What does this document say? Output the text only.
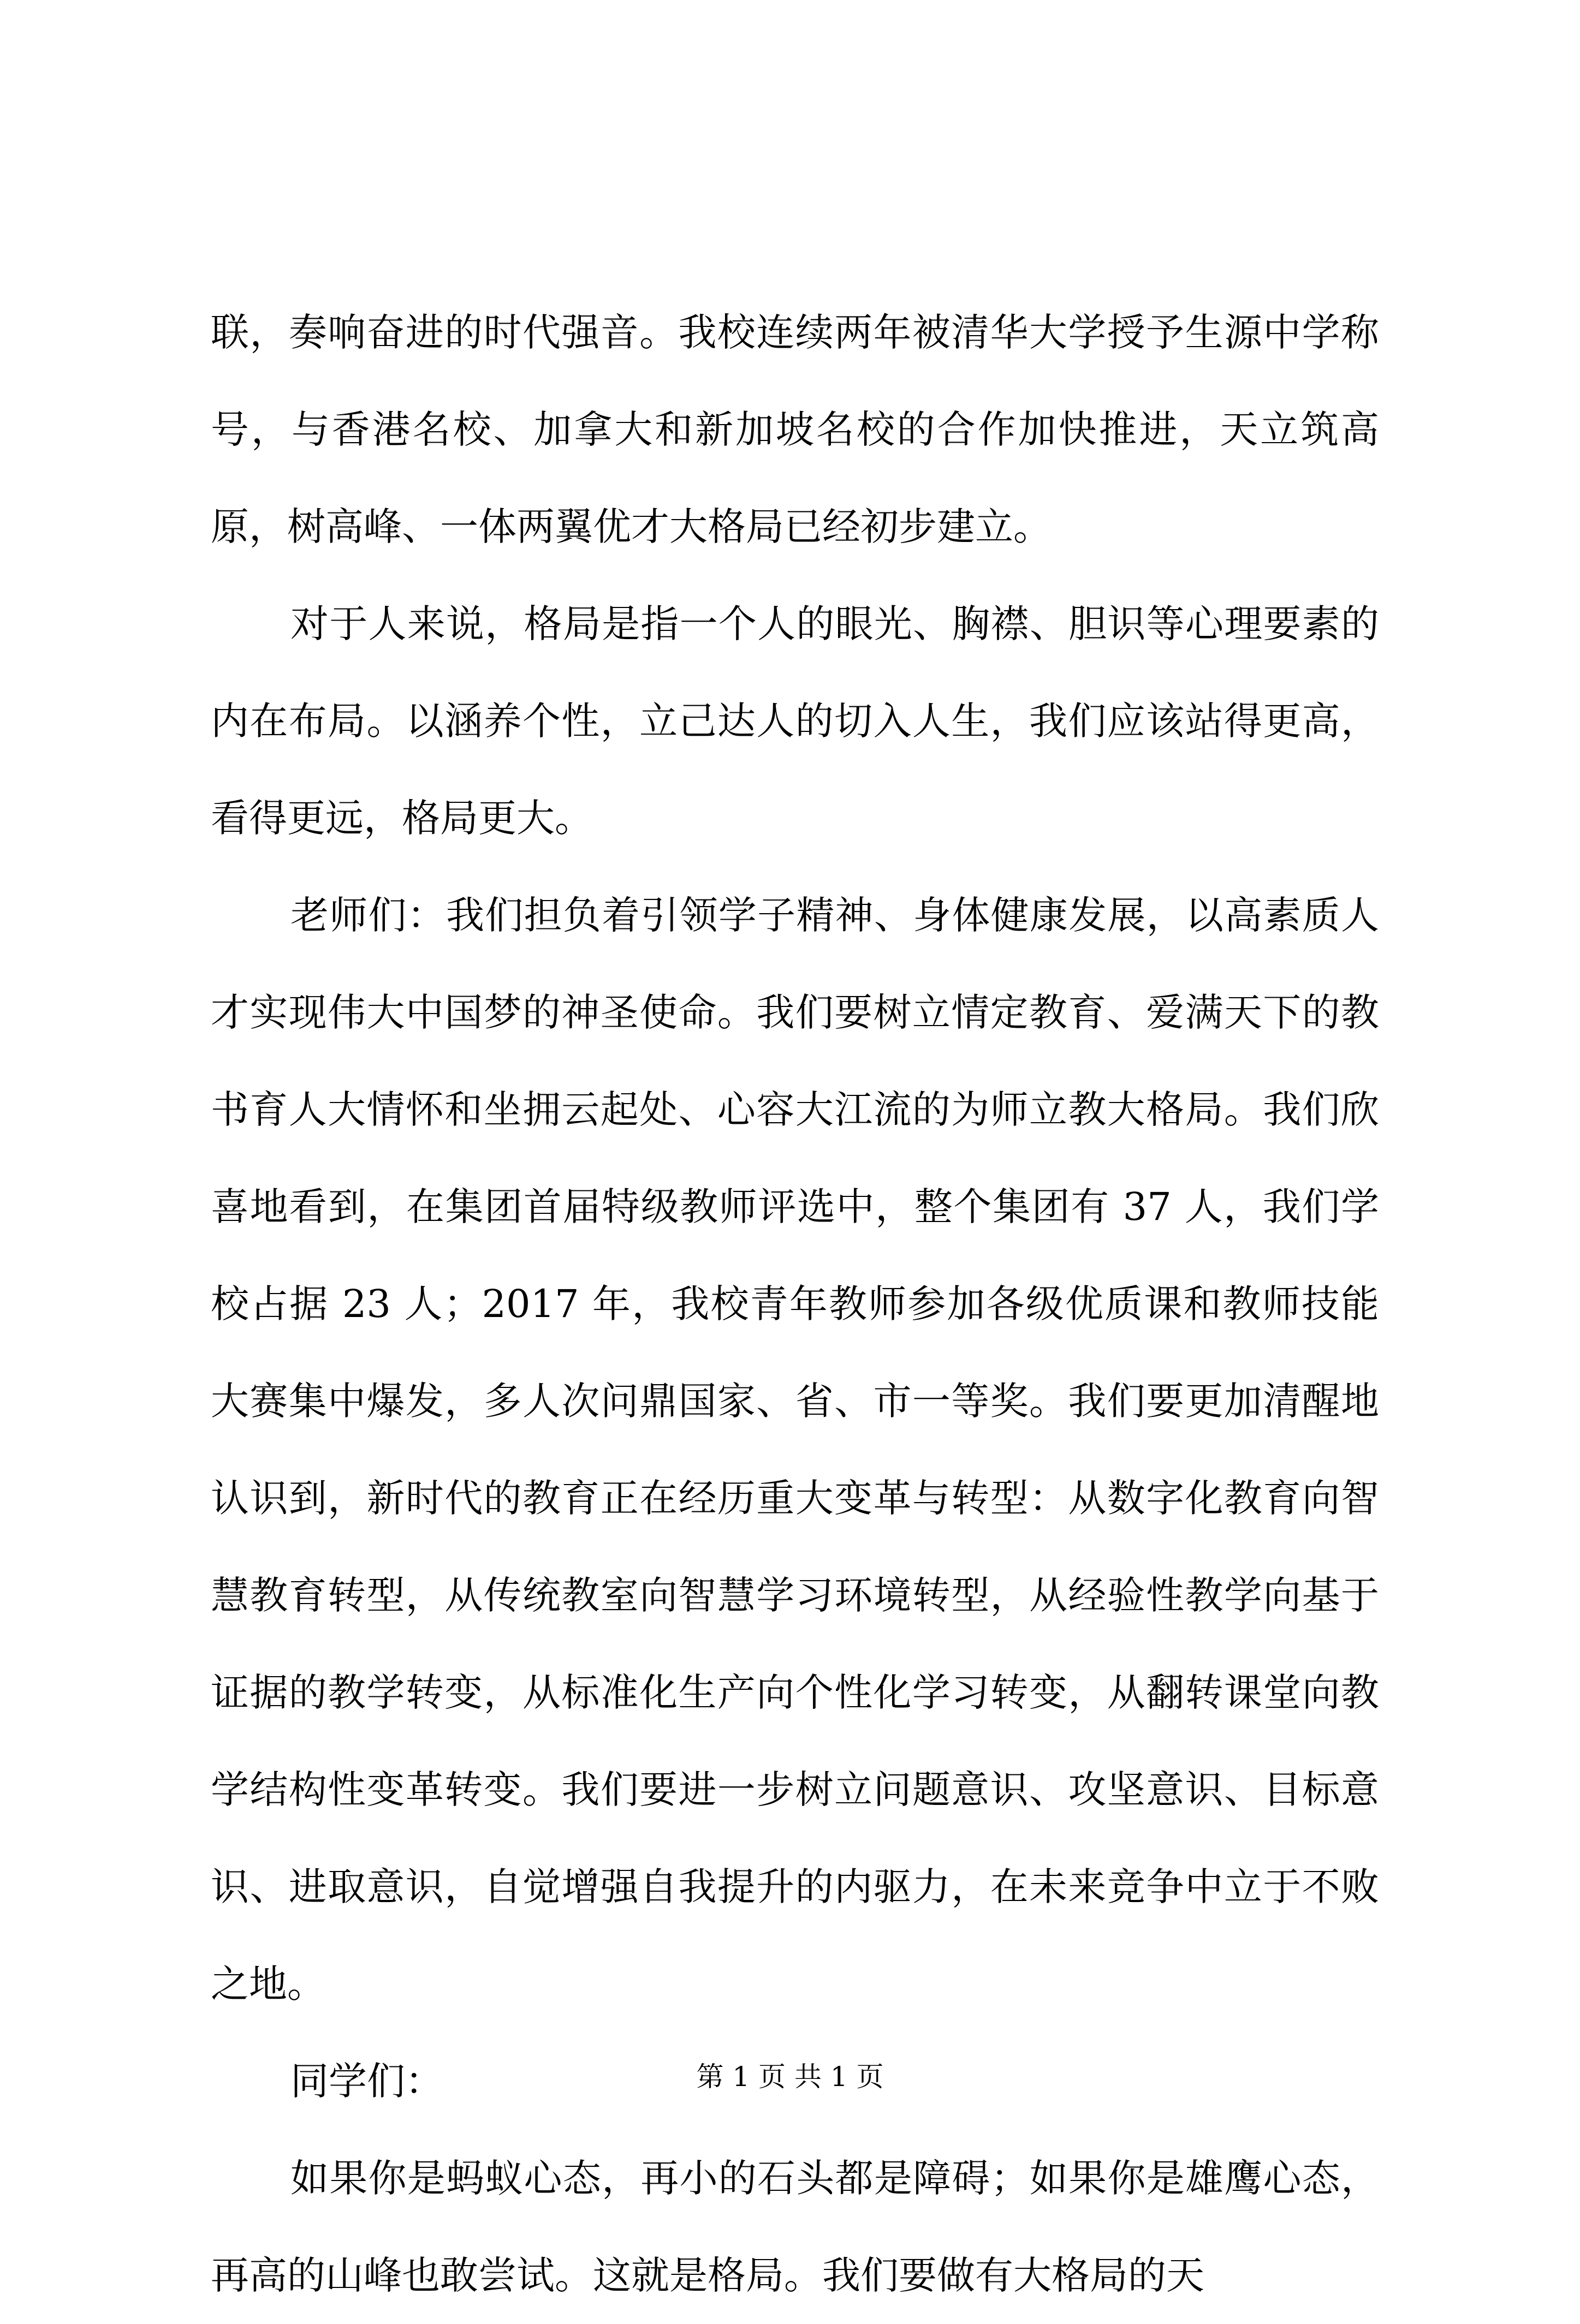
联，奏响奋进的时代强音。我校连续两年被清华大学授予生源中学称号，与香港名校、加拿大和新加坡名校的合作加快推进，天立筑高原，树高峰、一体两翼优才大格局已经初步建立。

对于人来说，格局是指一个人的眼光、胸襟、胆识等心理要素的内在布局。以涵养个性，立己达人的切入人生，我们应该站得更高，看得更远，格局更大。

老师们：我们担负着引领学子精神、身体健康发展，以高素质人才实现伟大中国梦的神圣使命。我们要树立情定教育、爱满天下的教书育人大情怀和坐拥云起处、心容大江流的为师立教大格局。我们欣喜地看到，在集团首届特级教师评选中，整个集团有 37 人，我们学校占据 23 人；2017 年，我校青年教师参加各级优质课和教师技能大赛集中爆发，多人次问鼎国家、省、市一等奖。我们要更加清醒地认识到，新时代的教育正在经历重大变革与转型：从数字化教育向智慧教育转型，从传统教室向智慧学习环境转型，从经验性教学向基于证据的教学转变，从标准化生产向个性化学习转变，从翻转课堂向教学结构性变革转变。我们要进一步树立问题意识、攻坚意识、目标意识、进取意识，自觉增强自我提升的内驱力，在未来竞争中立于不败之地。

同学们：

如果你是蚂蚁心态，再小的石头都是障碍；如果你是雄鹰心态，再高的山峰也敢尝试。这就是格局。我们要做有大格局的天

第 1 页 共 1 页
